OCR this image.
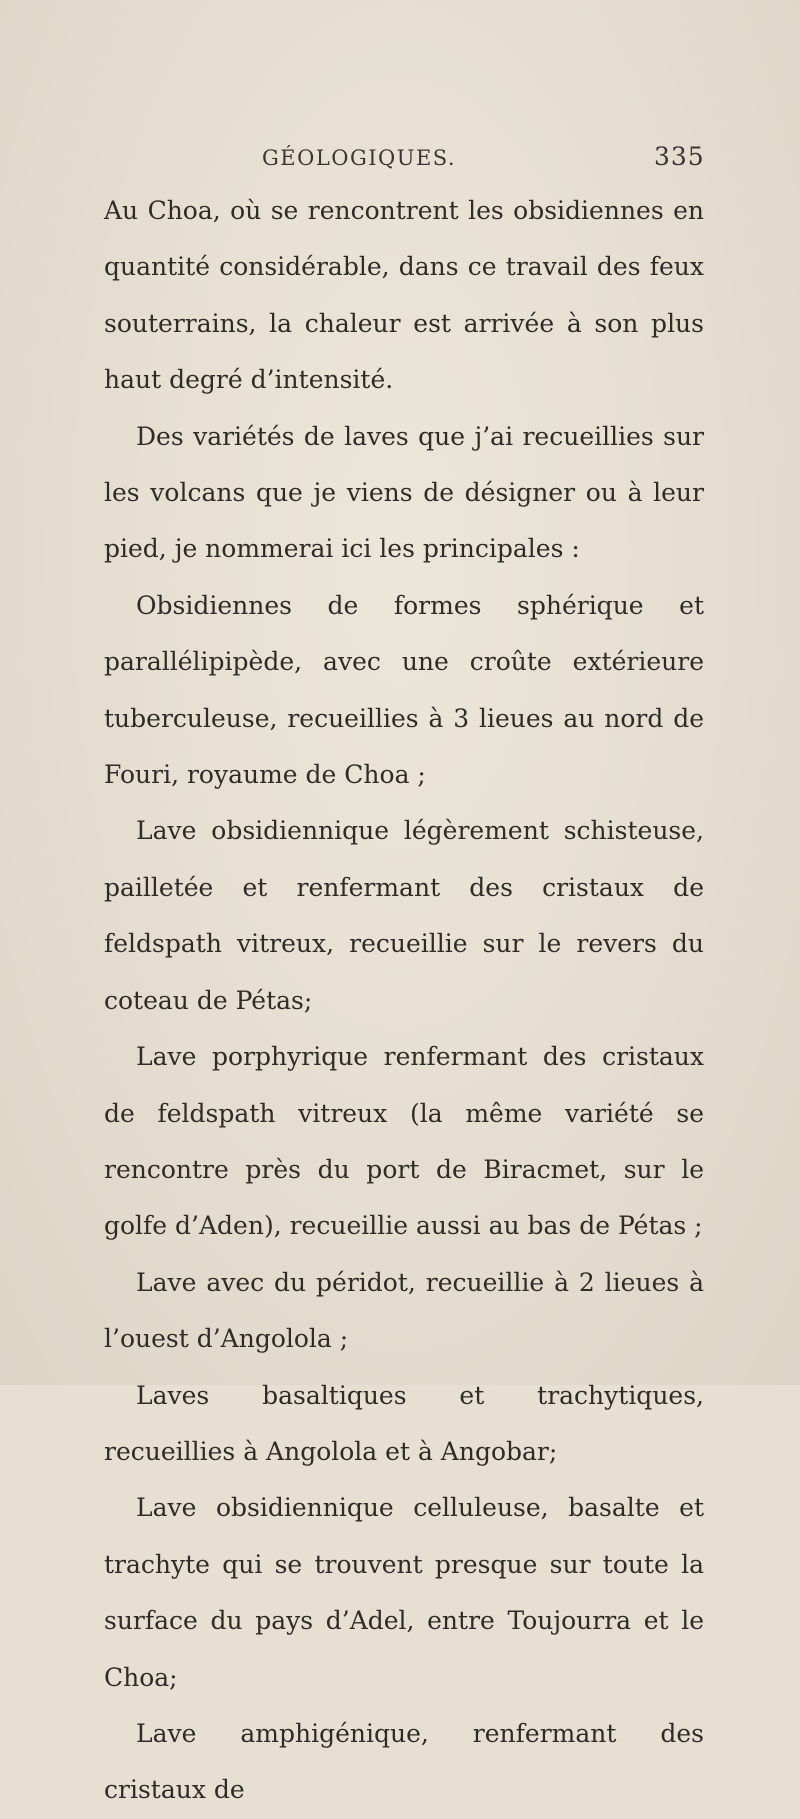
GÉOLOGIQUES.	335

Au Choa, où se rencontrent les obsidiennes en quantité considérable, dans ce travail des feux souterrains, la chaleur est arrivée à son plus haut degré d’intensité.

Des variétés de laves que j’ai recueillies sur les volcans que je viens de désigner ou à leur pied, je nommerai ici les principales :

Obsidiennes de formes sphérique et parallélipipède, avec une croûte extérieure tuberculeuse, recueillies à 3 lieues au nord de Fouri, royaume de Choa ;

Lave obsidiennique légèrement schisteuse, pailletée et renfermant des cristaux de feldspath vitreux, recueillie sur le revers du coteau de Pétas;

Lave porphyrique renfermant des cristaux de feldspath vitreux (la même variété se rencontre près du port de Biracmet, sur le golfe d’Aden), recueillie aussi au bas de Pétas ;

Lave avec du péridot, recueillie à 2 lieues à l’ouest d’Angolola ;

Laves basaltiques et trachytiques, recueillies à Angolola et à Angobar;

Lave obsidiennique celluleuse, basalte et trachyte qui se trouvent presque sur toute la surface du pays d’Adel, entre Toujourra et le Choa;

Lave amphigénique, renfermant des cristaux de
